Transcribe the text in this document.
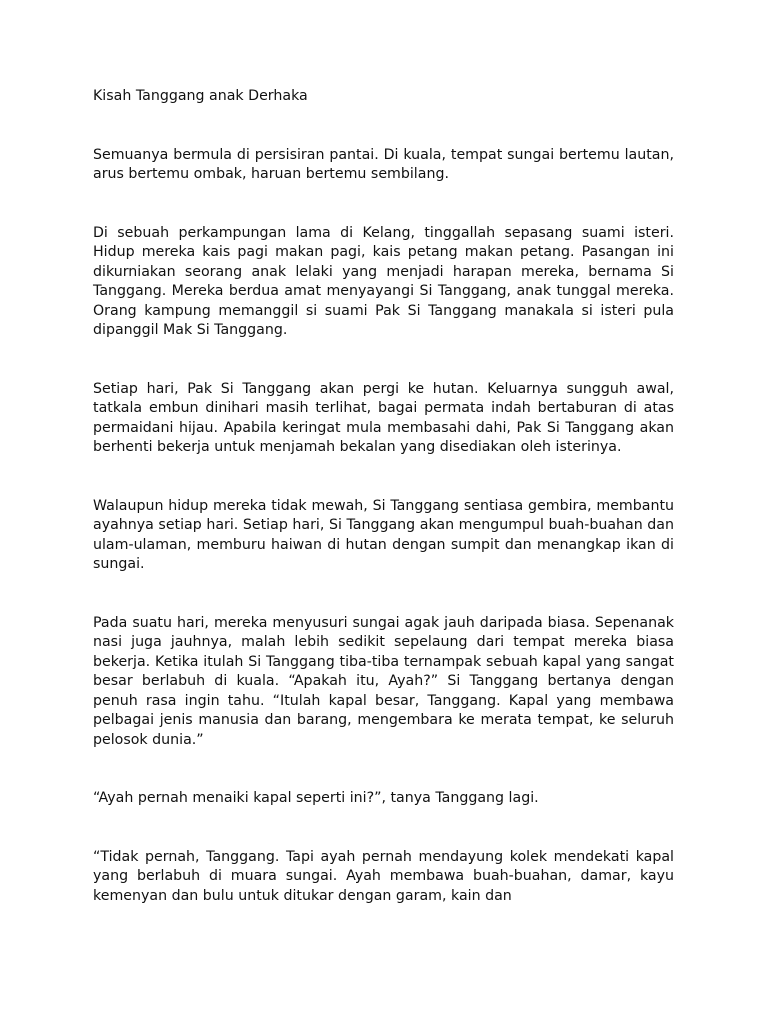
Kisah Tanggang anak Derhaka

Semuanya bermula di persisiran pantai. Di kuala, tempat sungai bertemu lautan, arus bertemu ombak, haruan bertemu sembilang.

Di sebuah perkampungan lama di Kelang, tinggallah sepasang suami isteri. Hidup mereka kais pagi makan pagi, kais petang makan petang. Pasangan ini dikurniakan seorang anak lelaki yang menjadi harapan mereka, bernama Si Tanggang. Mereka berdua amat menyayangi Si Tanggang, anak tunggal mereka. Orang kampung memanggil si suami Pak Si Tanggang manakala si isteri pula dipanggil Mak Si Tanggang.

Setiap hari, Pak Si Tanggang akan pergi ke hutan. Keluarnya sungguh awal, tatkala embun dinihari masih terlihat, bagai permata indah bertaburan di atas permaidani hijau. Apabila keringat mula membasahi dahi, Pak Si Tanggang akan berhenti bekerja untuk menjamah bekalan yang disediakan oleh isterinya.

Walaupun hidup mereka tidak mewah, Si Tanggang sentiasa gembira, membantu ayahnya setiap hari. Setiap hari, Si Tanggang akan mengumpul buah-buahan dan ulam-ulaman, memburu haiwan di hutan dengan sumpit dan menangkap ikan di sungai.

Pada suatu hari, mereka menyusuri sungai agak jauh daripada biasa. Sepenanak nasi juga jauhnya, malah lebih sedikit sepelaung dari tempat mereka biasa bekerja. Ketika itulah Si Tanggang tiba-tiba ternampak sebuah kapal yang sangat besar berlabuh di kuala. “Apakah itu, Ayah?” Si Tanggang bertanya dengan penuh rasa ingin tahu. “Itulah kapal besar, Tanggang. Kapal yang membawa pelbagai jenis manusia dan barang, mengembara ke merata tempat, ke seluruh pelosok dunia.”

“Ayah pernah menaiki kapal seperti ini?”, tanya Tanggang lagi.

“Tidak pernah, Tanggang. Tapi ayah pernah mendayung kolek mendekati kapal yang berlabuh di muara sungai. Ayah membawa buah-buahan, damar, kayu kemenyan dan bulu untuk ditukar dengan garam, kain dan
